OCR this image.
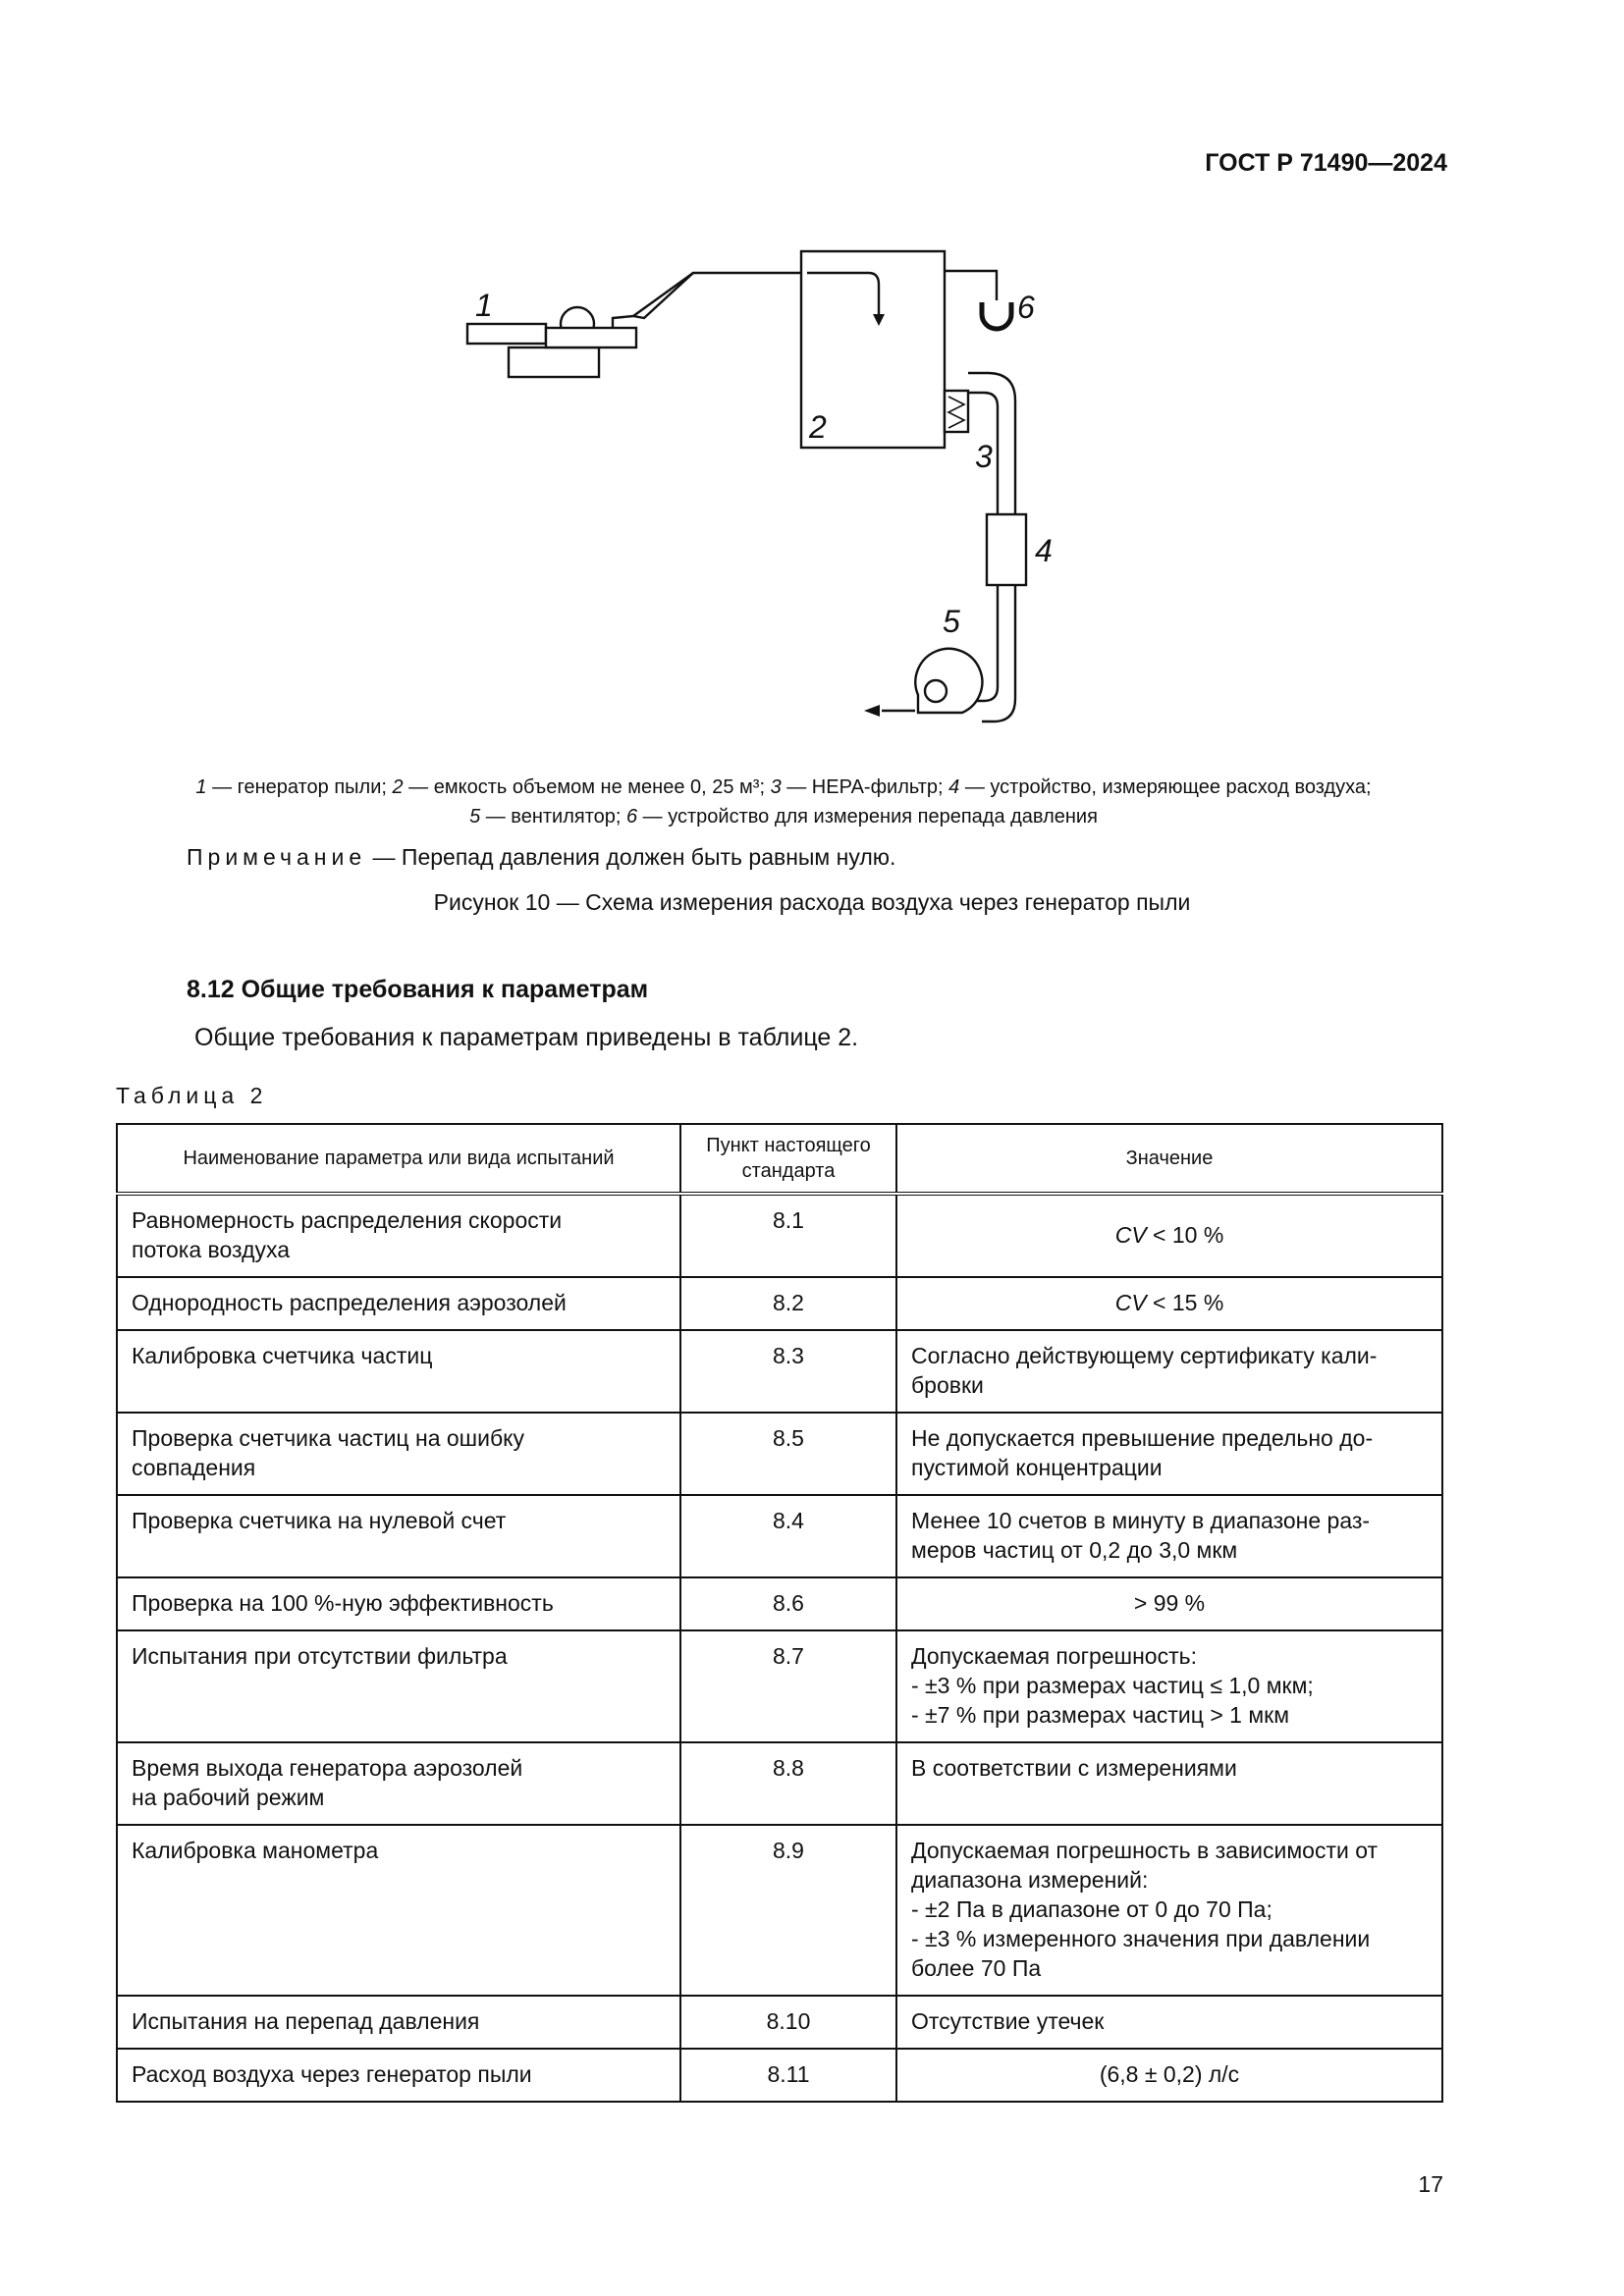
ГОСТ Р 71490—2024
1
2
3
4
5
6
1 — генератор пыли; 2 — емкость объемом не менее 0, 25 м³; 3 — НЕРА-фильтр; 4 — устройство, измеряющее расход воздуха;
5 — вентилятор; 6 — устройство для измерения перепада давления
Примечание — Перепад давления должен быть равным нулю.
Рисунок 10 — Схема измерения расхода воздуха через генератор пыли
8.12 Общие требования к параметрам
Общие требования к параметрам приведены в таблице 2.
Таблица 2
Наименование параметра или вида испытаний	Пункт настоящего стандарта	Значение

Равномерность распределения скорости
потока воздуха	8.1	CV < 10 %

Однородность распределения аэрозолей	8.2	CV < 15 %

Калибровка счетчика частиц	8.3	Согласно действующему сертификату кали-
бровки

Проверка счетчика частиц на ошибку
совпадения	8.5	Не допускается превышение предельно до-
пустимой концентрации

Проверка счетчика на нулевой счет	8.4	Менее 10 счетов в минуту в диапазоне раз-
меров частиц от 0,2 до 3,0 мкм

Проверка на 100 %-ную эффективность	8.6	> 99 %

Испытания при отсутствии фильтра	8.7	Допускаемая погрешность:
- ±3 % при размерах частиц ≤ 1,0 мкм;
- ±7 % при размерах частиц > 1 мкм

Время выхода генератора аэрозолей
на рабочий режим	8.8	В соответствии с измерениями

Калибровка манометра	8.9	Допускаемая погрешность в зависимости от
диапазона измерений:
- ±2 Па в диапазоне от 0 до 70 Па;
- ±3 % измеренного значения при давлении
более 70 Па

Испытания на перепад давления	8.10	Отсутствие утечек

Расход воздуха через генератор пыли	8.11	(6,8 ± 0,2) л/с
17
